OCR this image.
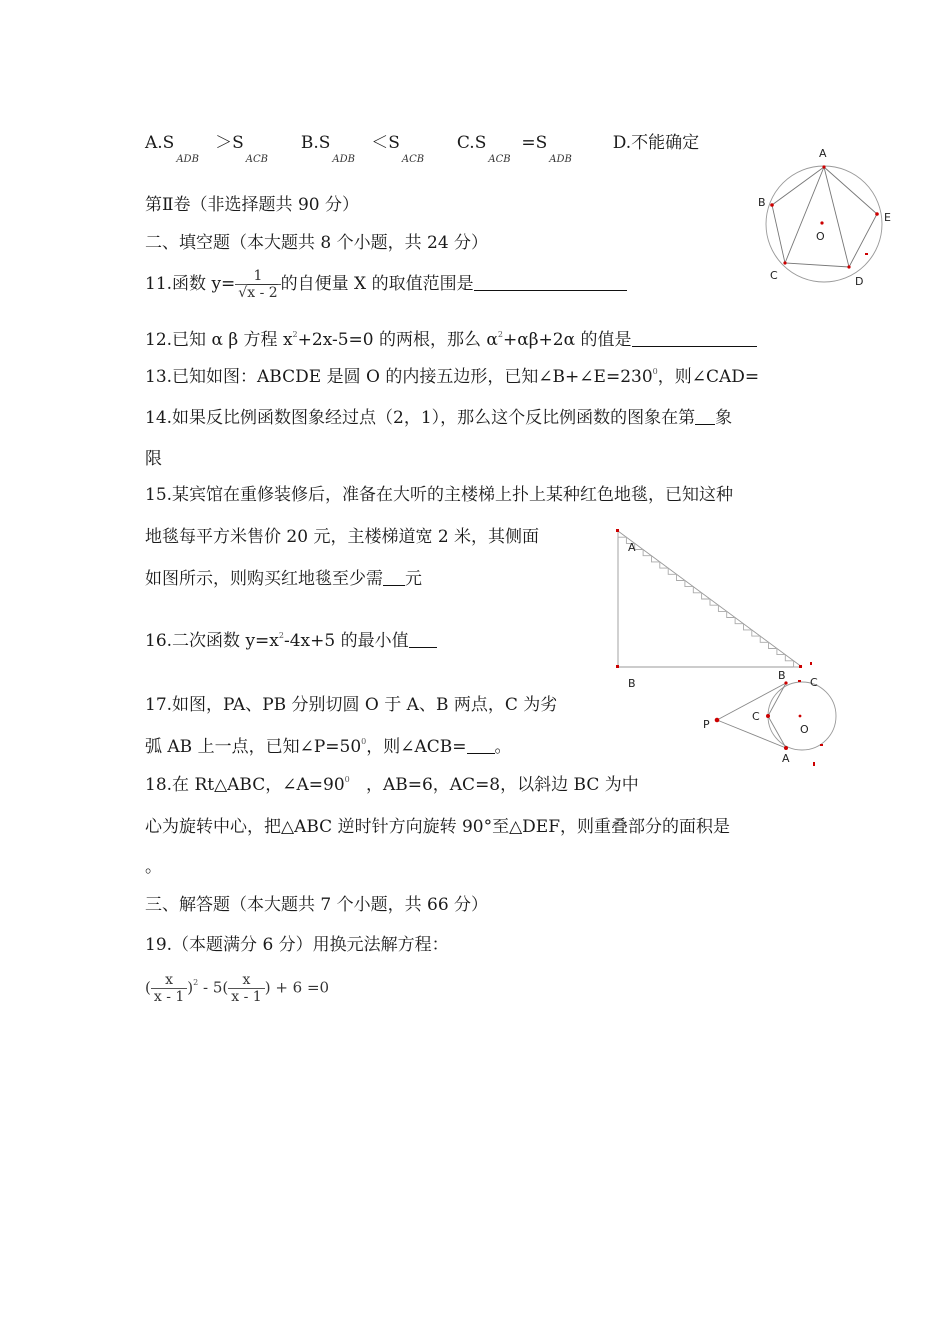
$A.S_{ADB} >S_{ACB}$  $B.S_{ADB} <S_{ACB}$  $C.S_{ACB} =S_{ADB}$  D.不能确定
第Ⅱ卷（非选择题共 90 分）
二、填空题（本大题共 8 个小题，共 24 分）
11.函数 $y= \frac{1}{√x - 2}$ 的自便量 X 的取值范围是
12.已知 α β 方程 $x^2+2x-5=0$ 的两根，那么 $\alpha^2+\alpha\beta+2\alpha$ 的值是
13.已知如图：ABCDE 是圆 O 的内接五边形，已知$\angle B+\angle E=230^0$，则∠CAD=
14.如果反比例函数图象经过点（2，1），那么这个反比例函数的图象在第 象
限
15.某宾馆在重修装修后，准备在大听的主楼梯上扑上某种红色地毯，已知这种
地毯每平方米售价 20 元，主楼梯道宽 2 米，其侧面
如图所示，则购买红地毯至少需 元
16.二次函数 $y=x^2-4x+5$ 的最小值
17.如图，PA、PB 分别切圆 O 于 A、B 两点，C 为劣
弧 AB 上一点，已知$\angle P=50^0$，则∠ACB= 。
18.在 Rt△ABC，$\angle A=90^0$ ，AB=6，AC=8，以斜边 BC 为中
心为旋转中心，把△ABC 逆时针方向旋转 90°至△DEF，则重叠部分的面积是
。
三、解答题（本大题共 7 个小题，共 66 分）
19.（本题满分 6 分）用换元法解方程：
( $\frac{x}{x - 1} )^2 - 5( \frac{x}{x - 1}$ ) + 6 =0
A
B
C	D
E
O
A
B
B
P
C
C
O
A
